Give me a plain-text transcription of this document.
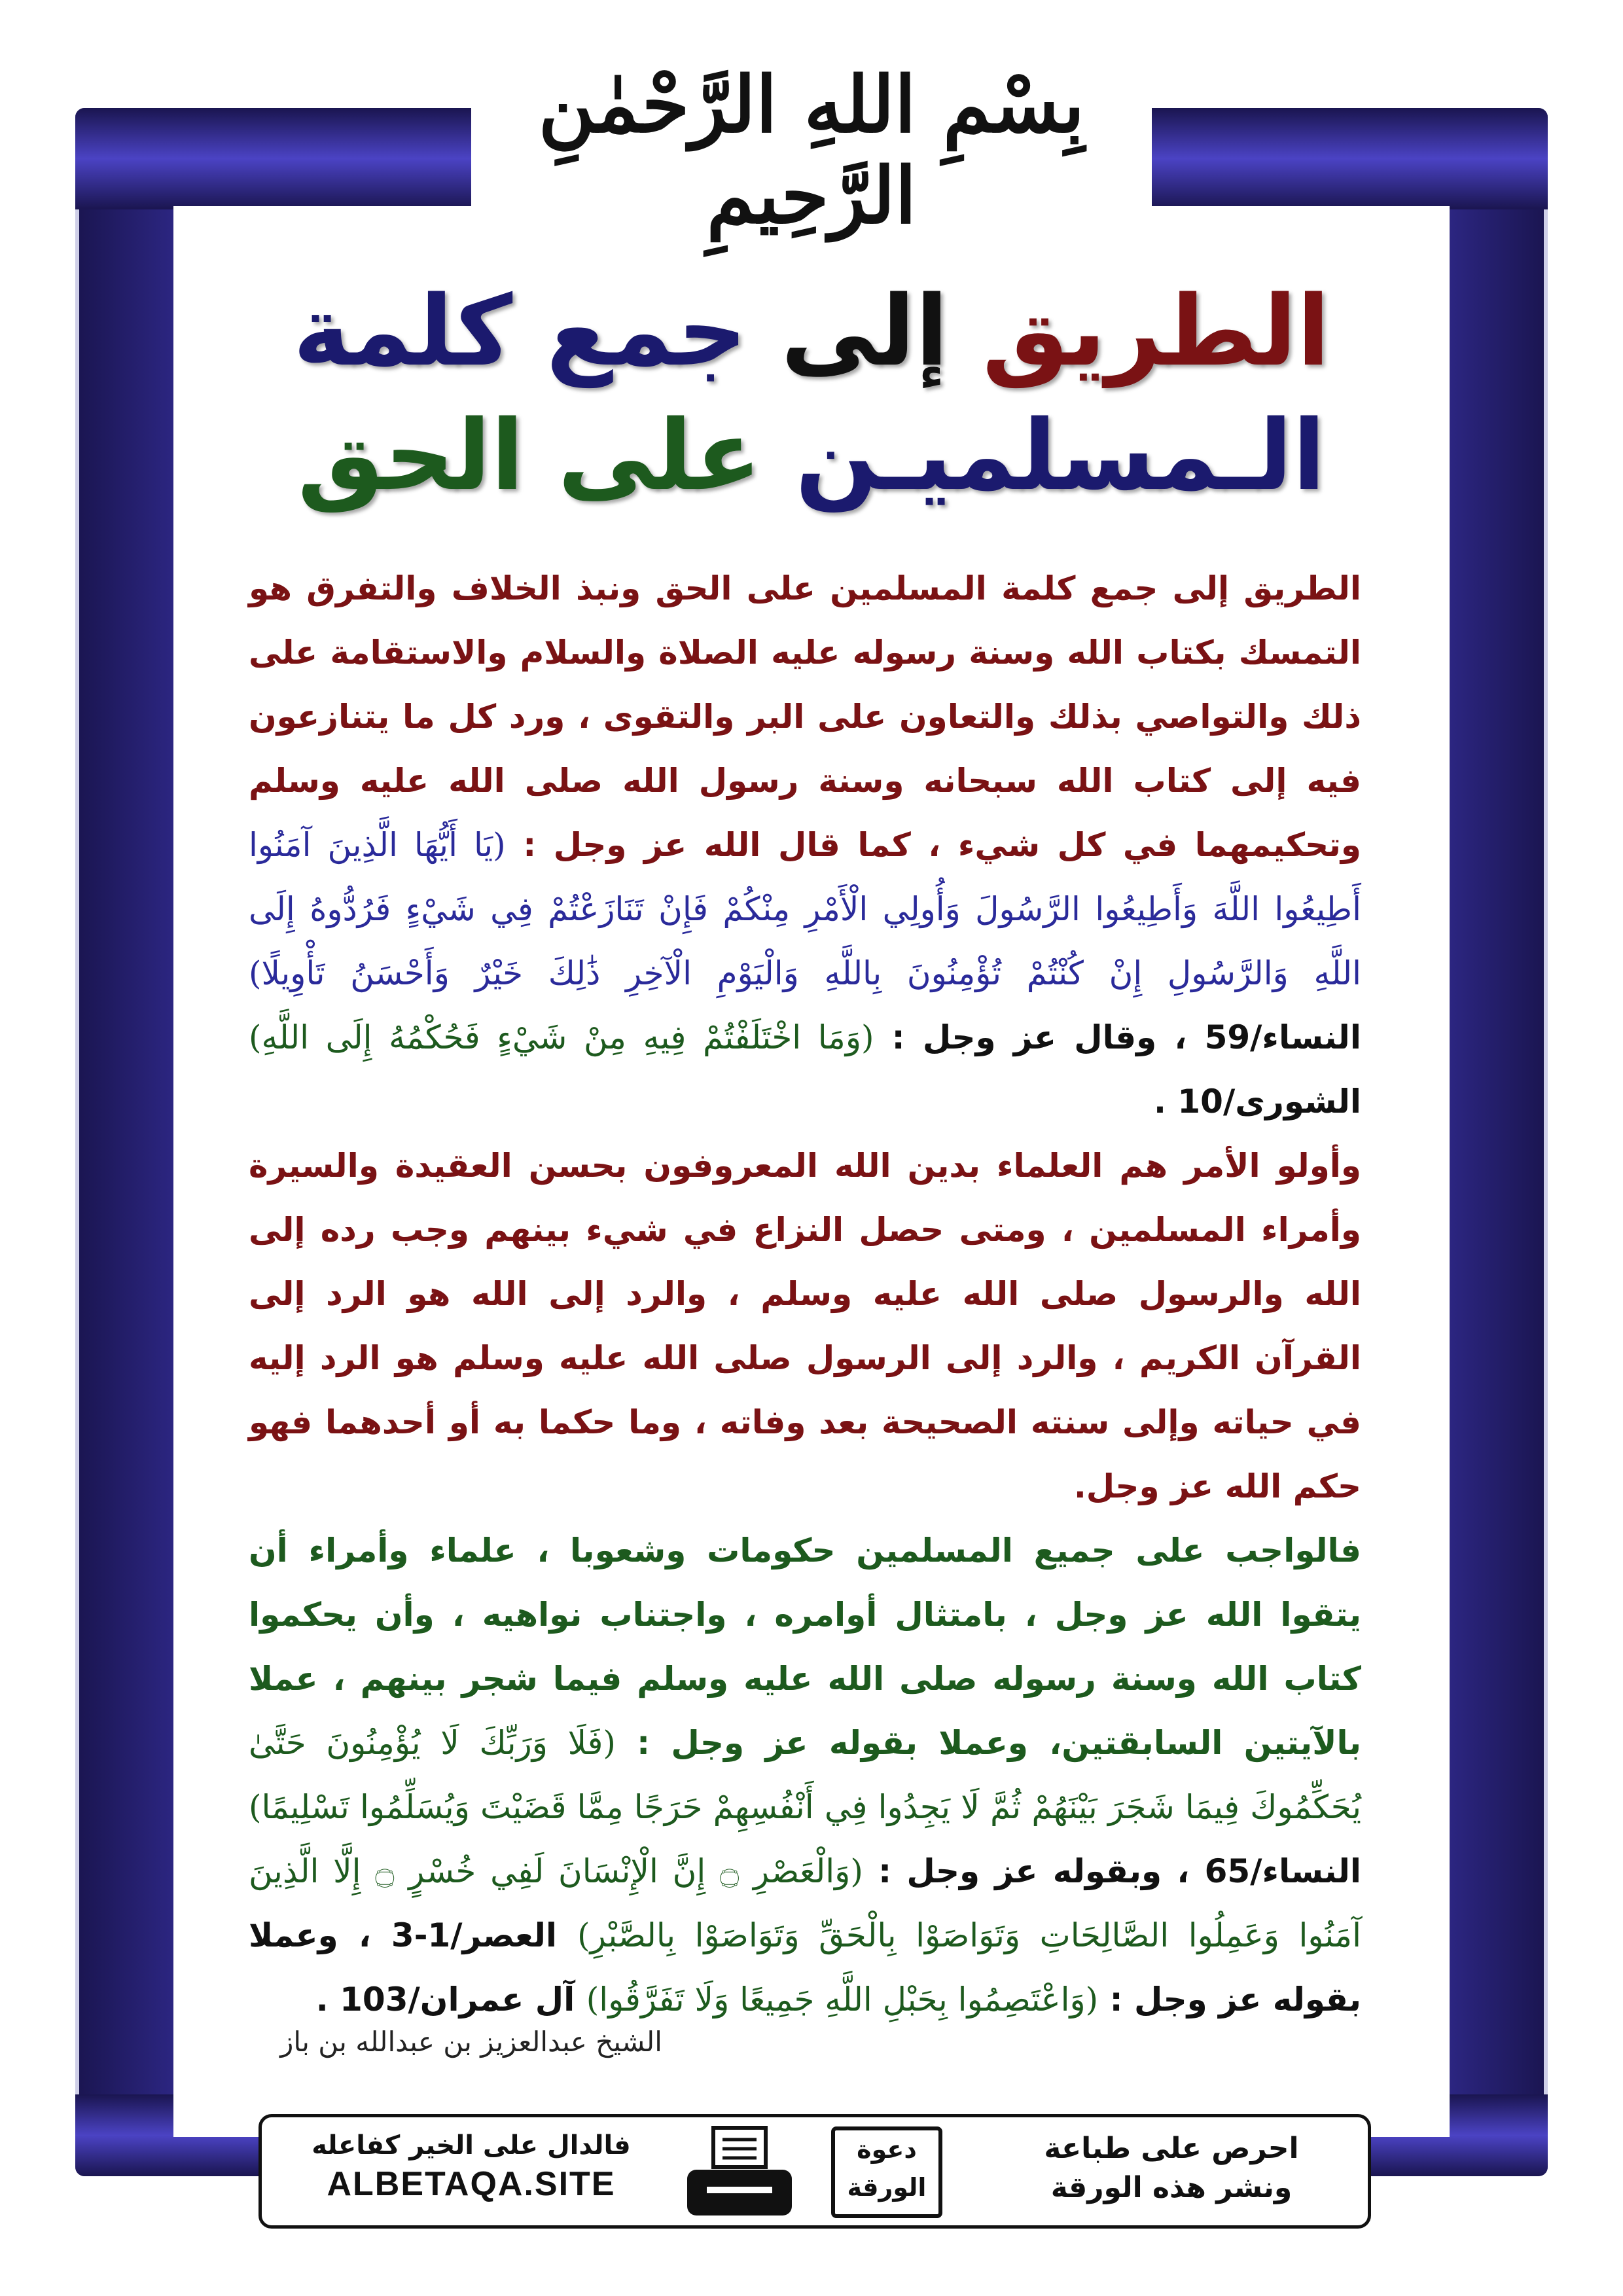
بِسْمِ اللهِ الرَّحْمٰنِ الرَّحِيمِ
الطريق إلى جمع كلمة
الـمسلميـن على الحق

الطريق إلى جمع كلمة المسلمين على الحق ونبذ الخلاف والتفرق هو التمسك بكتاب الله وسنة رسوله عليه الصلاة والسلام والاستقامة على ذلك والتواصي بذلك والتعاون على البر والتقوى ، ورد كل ما يتنازعون فيه إلى كتاب الله سبحانه وسنة رسول الله صلى الله عليه وسلم وتحكيمهما في كل شيء ، كما قال الله عز وجل : (يَا أَيُّهَا الَّذِينَ آمَنُوا أَطِيعُوا اللَّهَ وَأَطِيعُوا الرَّسُولَ وَأُولِي الْأَمْرِ مِنْكُمْ فَإِنْ تَنَازَعْتُمْ فِي شَيْءٍ فَرُدُّوهُ إِلَى اللَّهِ وَالرَّسُولِ إِنْ كُنْتُمْ تُؤْمِنُونَ بِاللَّهِ وَالْيَوْمِ الْآخِرِ ذَٰلِكَ خَيْرٌ وَأَحْسَنُ تَأْوِيلًا) النساء/59 ، وقال عز وجل : (وَمَا اخْتَلَفْتُمْ فِيهِ مِنْ شَيْءٍ فَحُكْمُهُ إِلَى اللَّهِ) الشورى/10 .

وأولو الأمر هم العلماء بدين الله المعروفون بحسن العقيدة والسيرة وأمراء المسلمين ، ومتى حصل النزاع في شيء بينهم وجب رده إلى الله والرسول صلى الله عليه وسلم ، والرد إلى الله هو الرد إلى القرآن الكريم ، والرد إلى الرسول صلى الله عليه وسلم هو الرد إليه في حياته وإلى سنته الصحيحة بعد وفاته ، وما حكما به أو أحدهما فهو حكم الله عز وجل.

فالواجب على جميع المسلمين حكومات وشعوبا ، علماء وأمراء أن يتقوا الله عز وجل ، بامتثال أوامره ، واجتناب نواهيه ، وأن يحكموا كتاب الله وسنة رسوله صلى الله عليه وسلم فيما شجر بينهم ، عملا بالآيتين السابقتين، وعملا بقوله عز وجل : (فَلَا وَرَبِّكَ لَا يُؤْمِنُونَ حَتَّىٰ يُحَكِّمُوكَ فِيمَا شَجَرَ بَيْنَهُمْ ثُمَّ لَا يَجِدُوا فِي أَنْفُسِهِمْ حَرَجًا مِمَّا قَضَيْتَ وَيُسَلِّمُوا تَسْلِيمًا) النساء/65 ، وبقوله عز وجل : (وَالْعَصْرِ ۝ إِنَّ الْإِنْسَانَ لَفِي خُسْرٍ ۝ إِلَّا الَّذِينَ آمَنُوا وَعَمِلُوا الصَّالِحَاتِ وَتَوَاصَوْا بِالْحَقِّ وَتَوَاصَوْا بِالصَّبْرِ) العصر/1-3 ، وعملا بقوله عز وجل : (وَاعْتَصِمُوا بِحَبْلِ اللَّهِ جَمِيعًا وَلَا تَفَرَّقُوا) آل عمران/103 .

الشيخ عبدالعزيز بن عبدالله بن باز
احرص على طباعة
ونشر هذه الورقة
دعوة
الورقة
فالدال على الخير كفاعله
ALBETAQA.SITE
